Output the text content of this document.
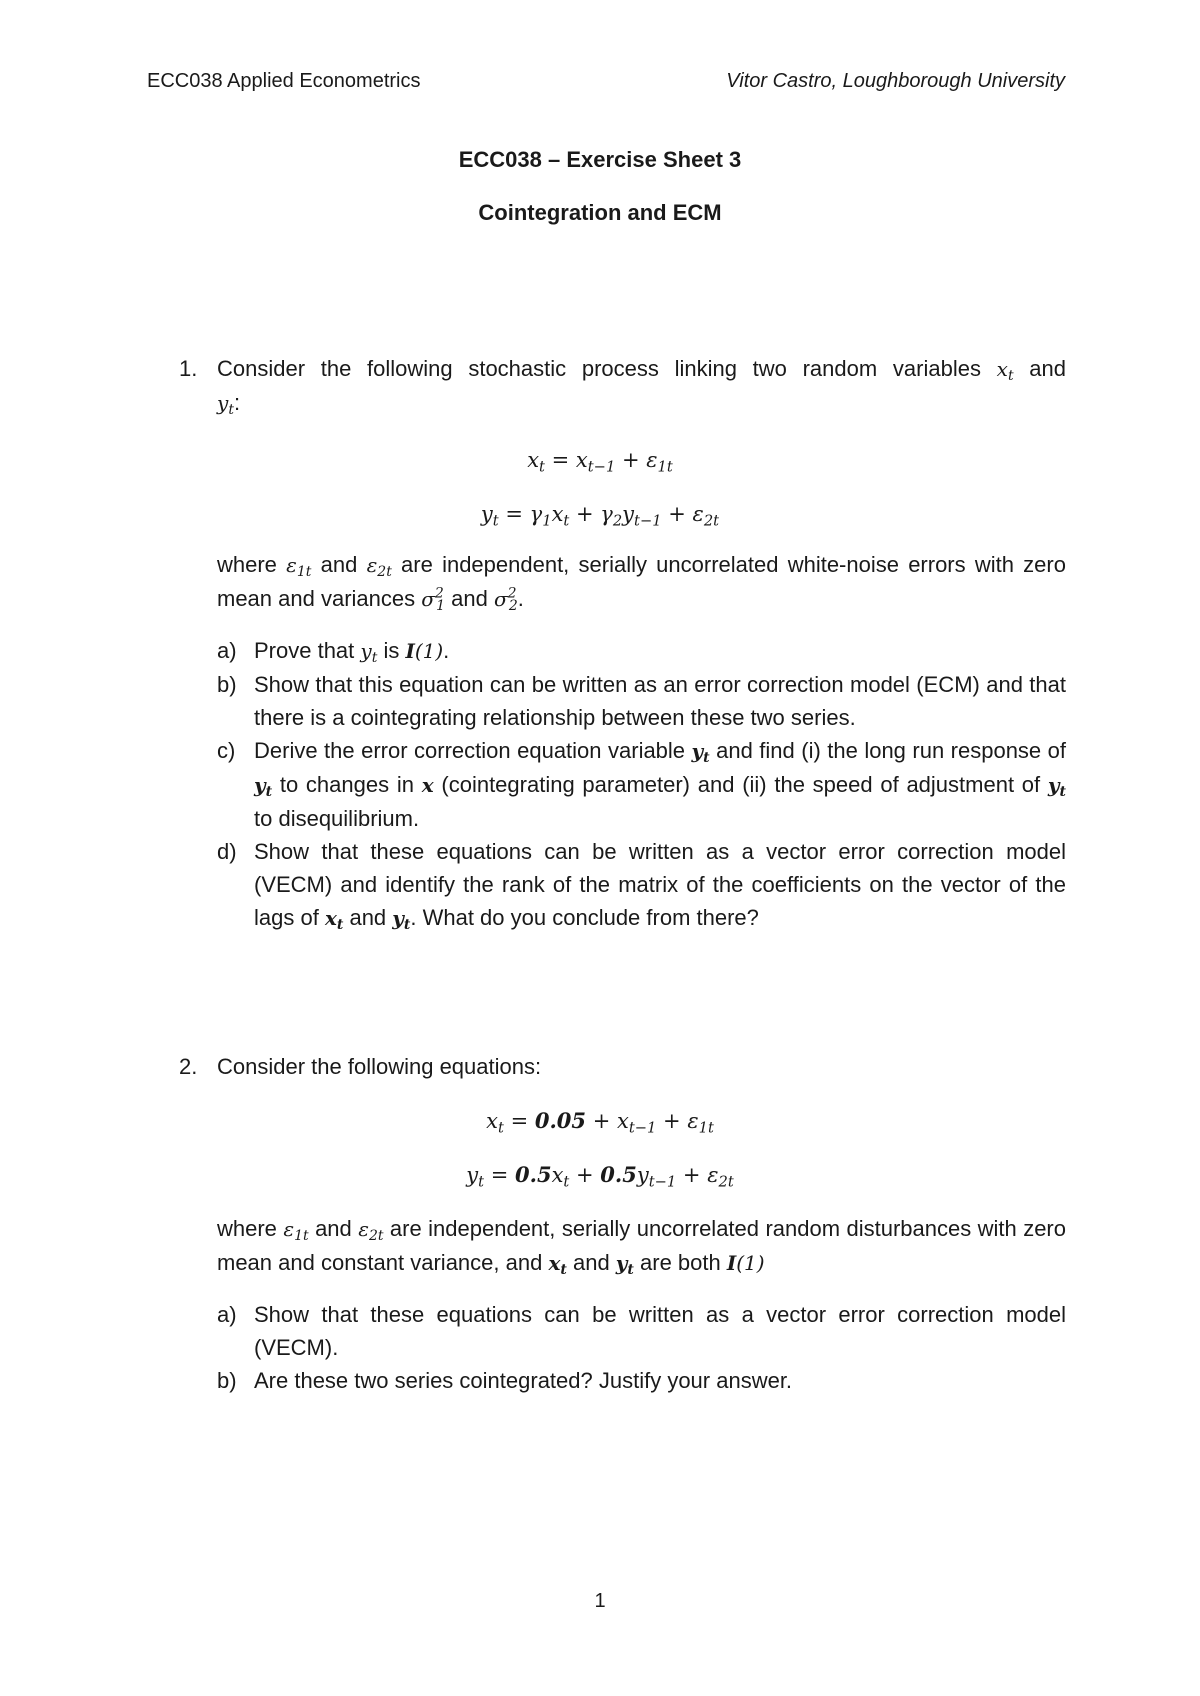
ECC038 Applied Econometrics	Vitor Castro, Loughborough University
ECC038 – Exercise Sheet 3
Cointegration and ECM
1. Consider the following stochastic process linking two random variables $x_t$ and
$y_t$:
$x_t = x_{t-1} + \varepsilon_{1t}$
$y_t = \gamma_1x_t + \gamma_2y_{t-1} + \varepsilon_{2t}$
where $\varepsilon_{1t}$ and $\varepsilon_{2t}$ are independent, serially uncorrelated white-noise errors with zero mean and variances $\sigma^2_1$ and $\sigma^2_2$.
a) Prove that $y_t$ is I(1).
b) Show that this equation can be written as an error correction model (ECM) and that there is a cointegrating relationship between these two series.
c) Derive the error correction equation variable $y_t$ and find (i) the long run response of $y_t$ to changes in x (cointegrating parameter) and (ii) the speed of adjustment of $y_t$ to disequilibrium.
d) Show that these equations can be written as a vector error correction model (VECM) and identify the rank of the matrix of the coefficients on the vector of the lags of $x_t$ and $y_t$. What do you conclude from there?
2. Consider the following equations:
$x_t = 0.05 + x_{t-1} + \varepsilon_{1t}$
$y_t = 0.5x_t + 0.5y_{t-1} + \varepsilon_{2t}$
where $\varepsilon_{1t}$ and $\varepsilon_{2t}$ are independent, serially uncorrelated random disturbances with zero mean and constant variance, and $x_t$ and $y_t$ are both I(1)
a) Show that these equations can be written as a vector error correction model (VECM).
b) Are these two series cointegrated? Justify your answer.
1
